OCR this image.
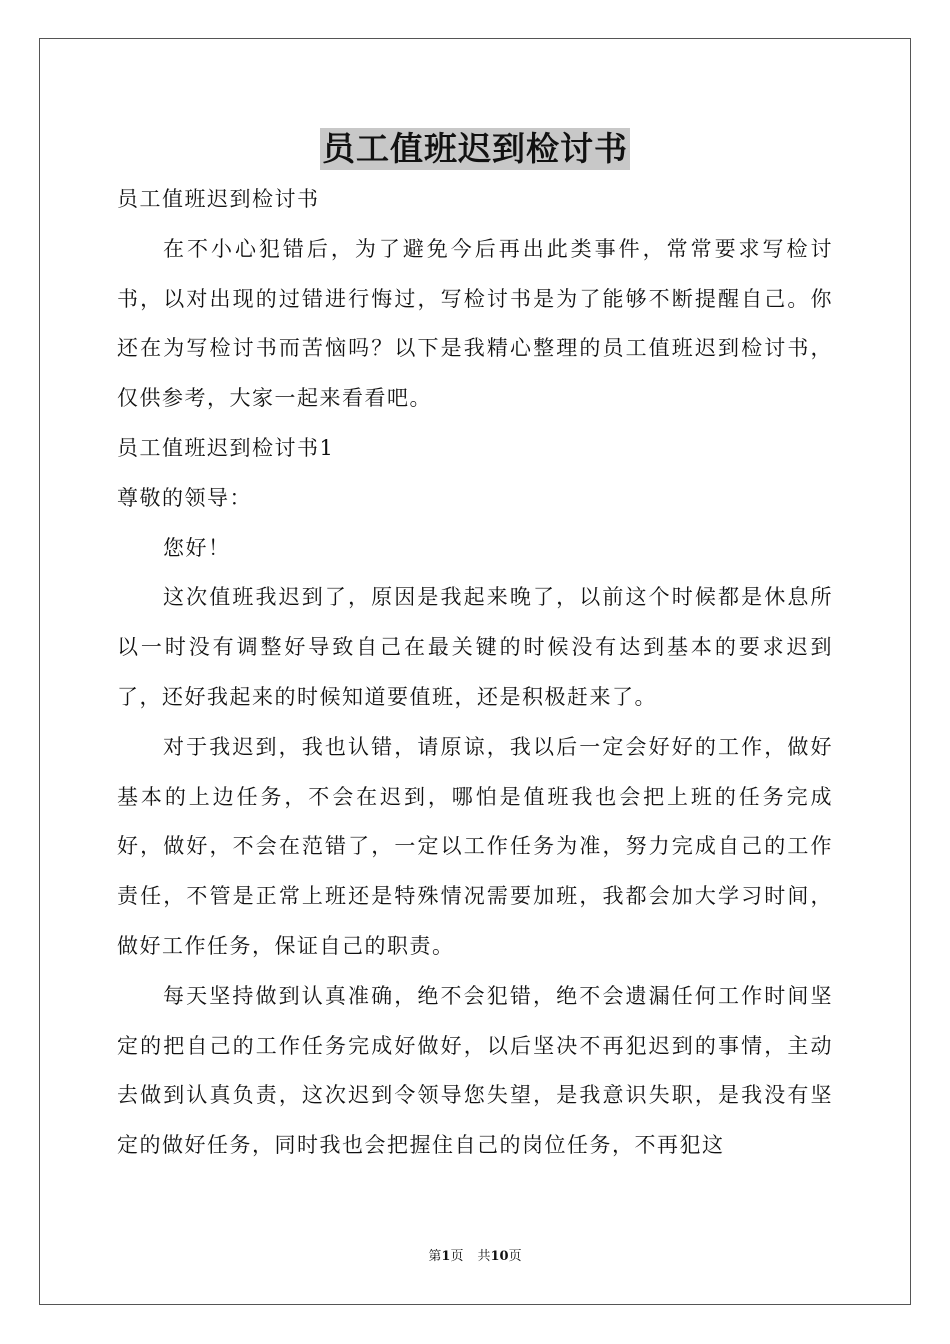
员工值班迟到检讨书

员工值班迟到检讨书

在不小心犯错后，为了避免今后再出此类事件，常常要求写检讨书，以对出现的过错进行悔过，写检讨书是为了能够不断提醒自己。你还在为写检讨书而苦恼吗？以下是我精心整理的员工值班迟到检讨书，仅供参考，大家一起来看看吧。

员工值班迟到检讨书1

尊敬的领导：

您好！

这次值班我迟到了，原因是我起来晚了，以前这个时候都是休息所以一时没有调整好导致自己在最关键的时候没有达到基本的要求迟到了，还好我起来的时候知道要值班，还是积极赶来了。

对于我迟到，我也认错，请原谅，我以后一定会好好的工作，做好基本的上边任务，不会在迟到，哪怕是值班我也会把上班的任务完成好，做好，不会在范错了，一定以工作任务为准，努力完成自己的工作责任，不管是正常上班还是特殊情况需要加班，我都会加大学习时间，做好工作任务，保证自己的职责。

每天坚持做到认真准确，绝不会犯错，绝不会遗漏任何工作时间坚定的把自己的工作任务完成好做好，以后坚决不再犯迟到的事情，主动去做到认真负责，这次迟到令领导您失望，是我意识失职，是我没有坚定的做好任务，同时我也会把握住自己的岗位任务，不再犯这

第1页 共10页
